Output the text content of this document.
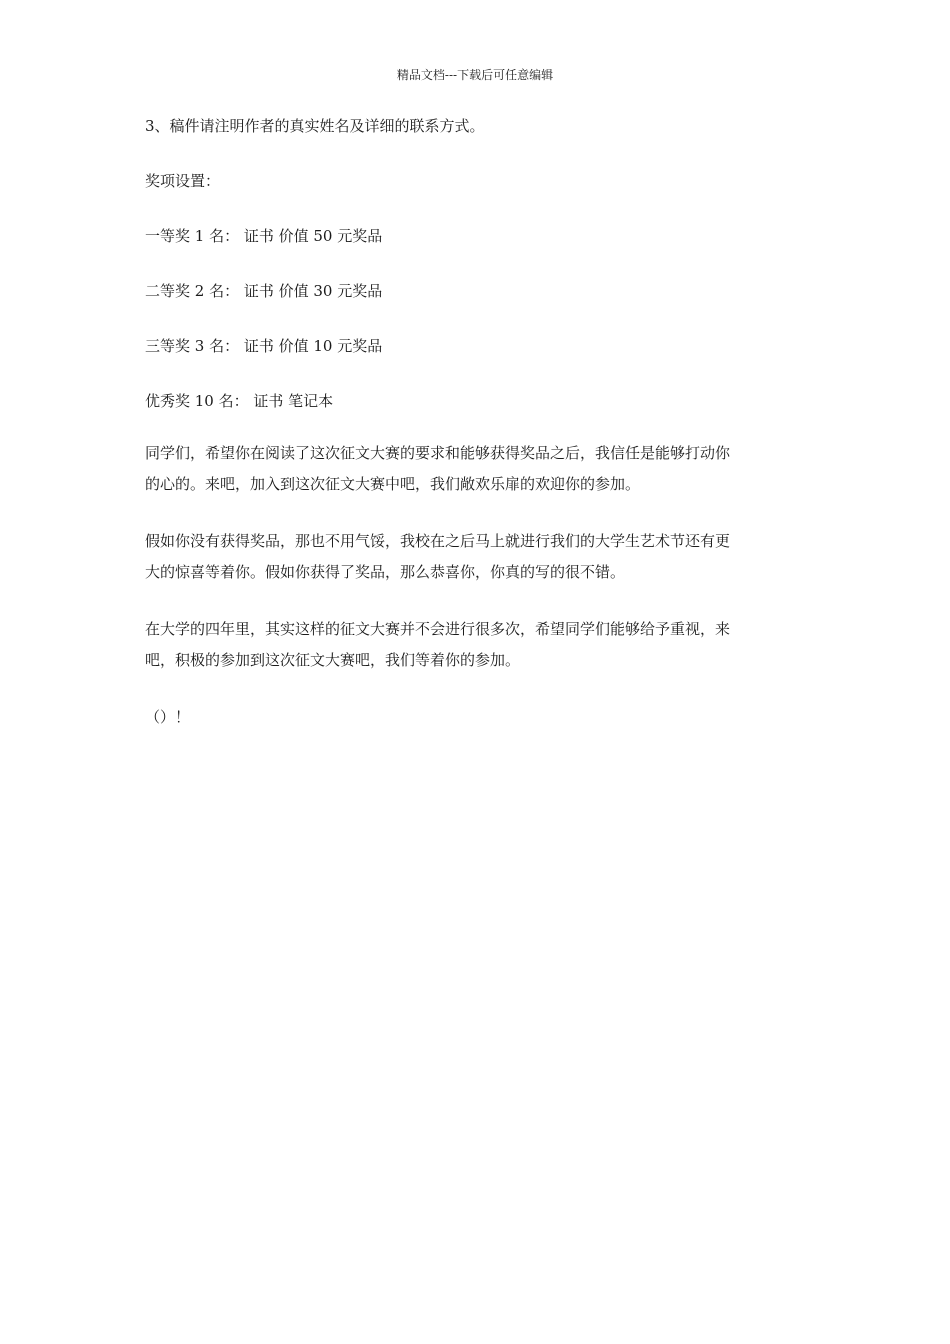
精品文档---下载后可任意编辑
3、稿件请注明作者的真实姓名及详细的联系方式。
奖项设置：
一等奖 1 名： 证书 价值 50 元奖品
二等奖 2 名： 证书 价值 30 元奖品
三等奖 3 名： 证书 价值 10 元奖品
优秀奖 10 名： 证书 笔记本
同学们，希望你在阅读了这次征文大赛的要求和能够获得奖品之后，我信任是能够打动你
的心的。来吧，加入到这次征文大赛中吧，我们敞欢乐扉的欢迎你的参加。
假如你没有获得奖品，那也不用气馁，我校在之后马上就进行我们的大学生艺术节还有更
大的惊喜等着你。假如你获得了奖品，那么恭喜你，你真的写的很不错。
在大学的四年里，其实这样的征文大赛并不会进行很多次，希望同学们能够给予重视，来
吧，积极的参加到这次征文大赛吧，我们等着你的参加。
（）！
